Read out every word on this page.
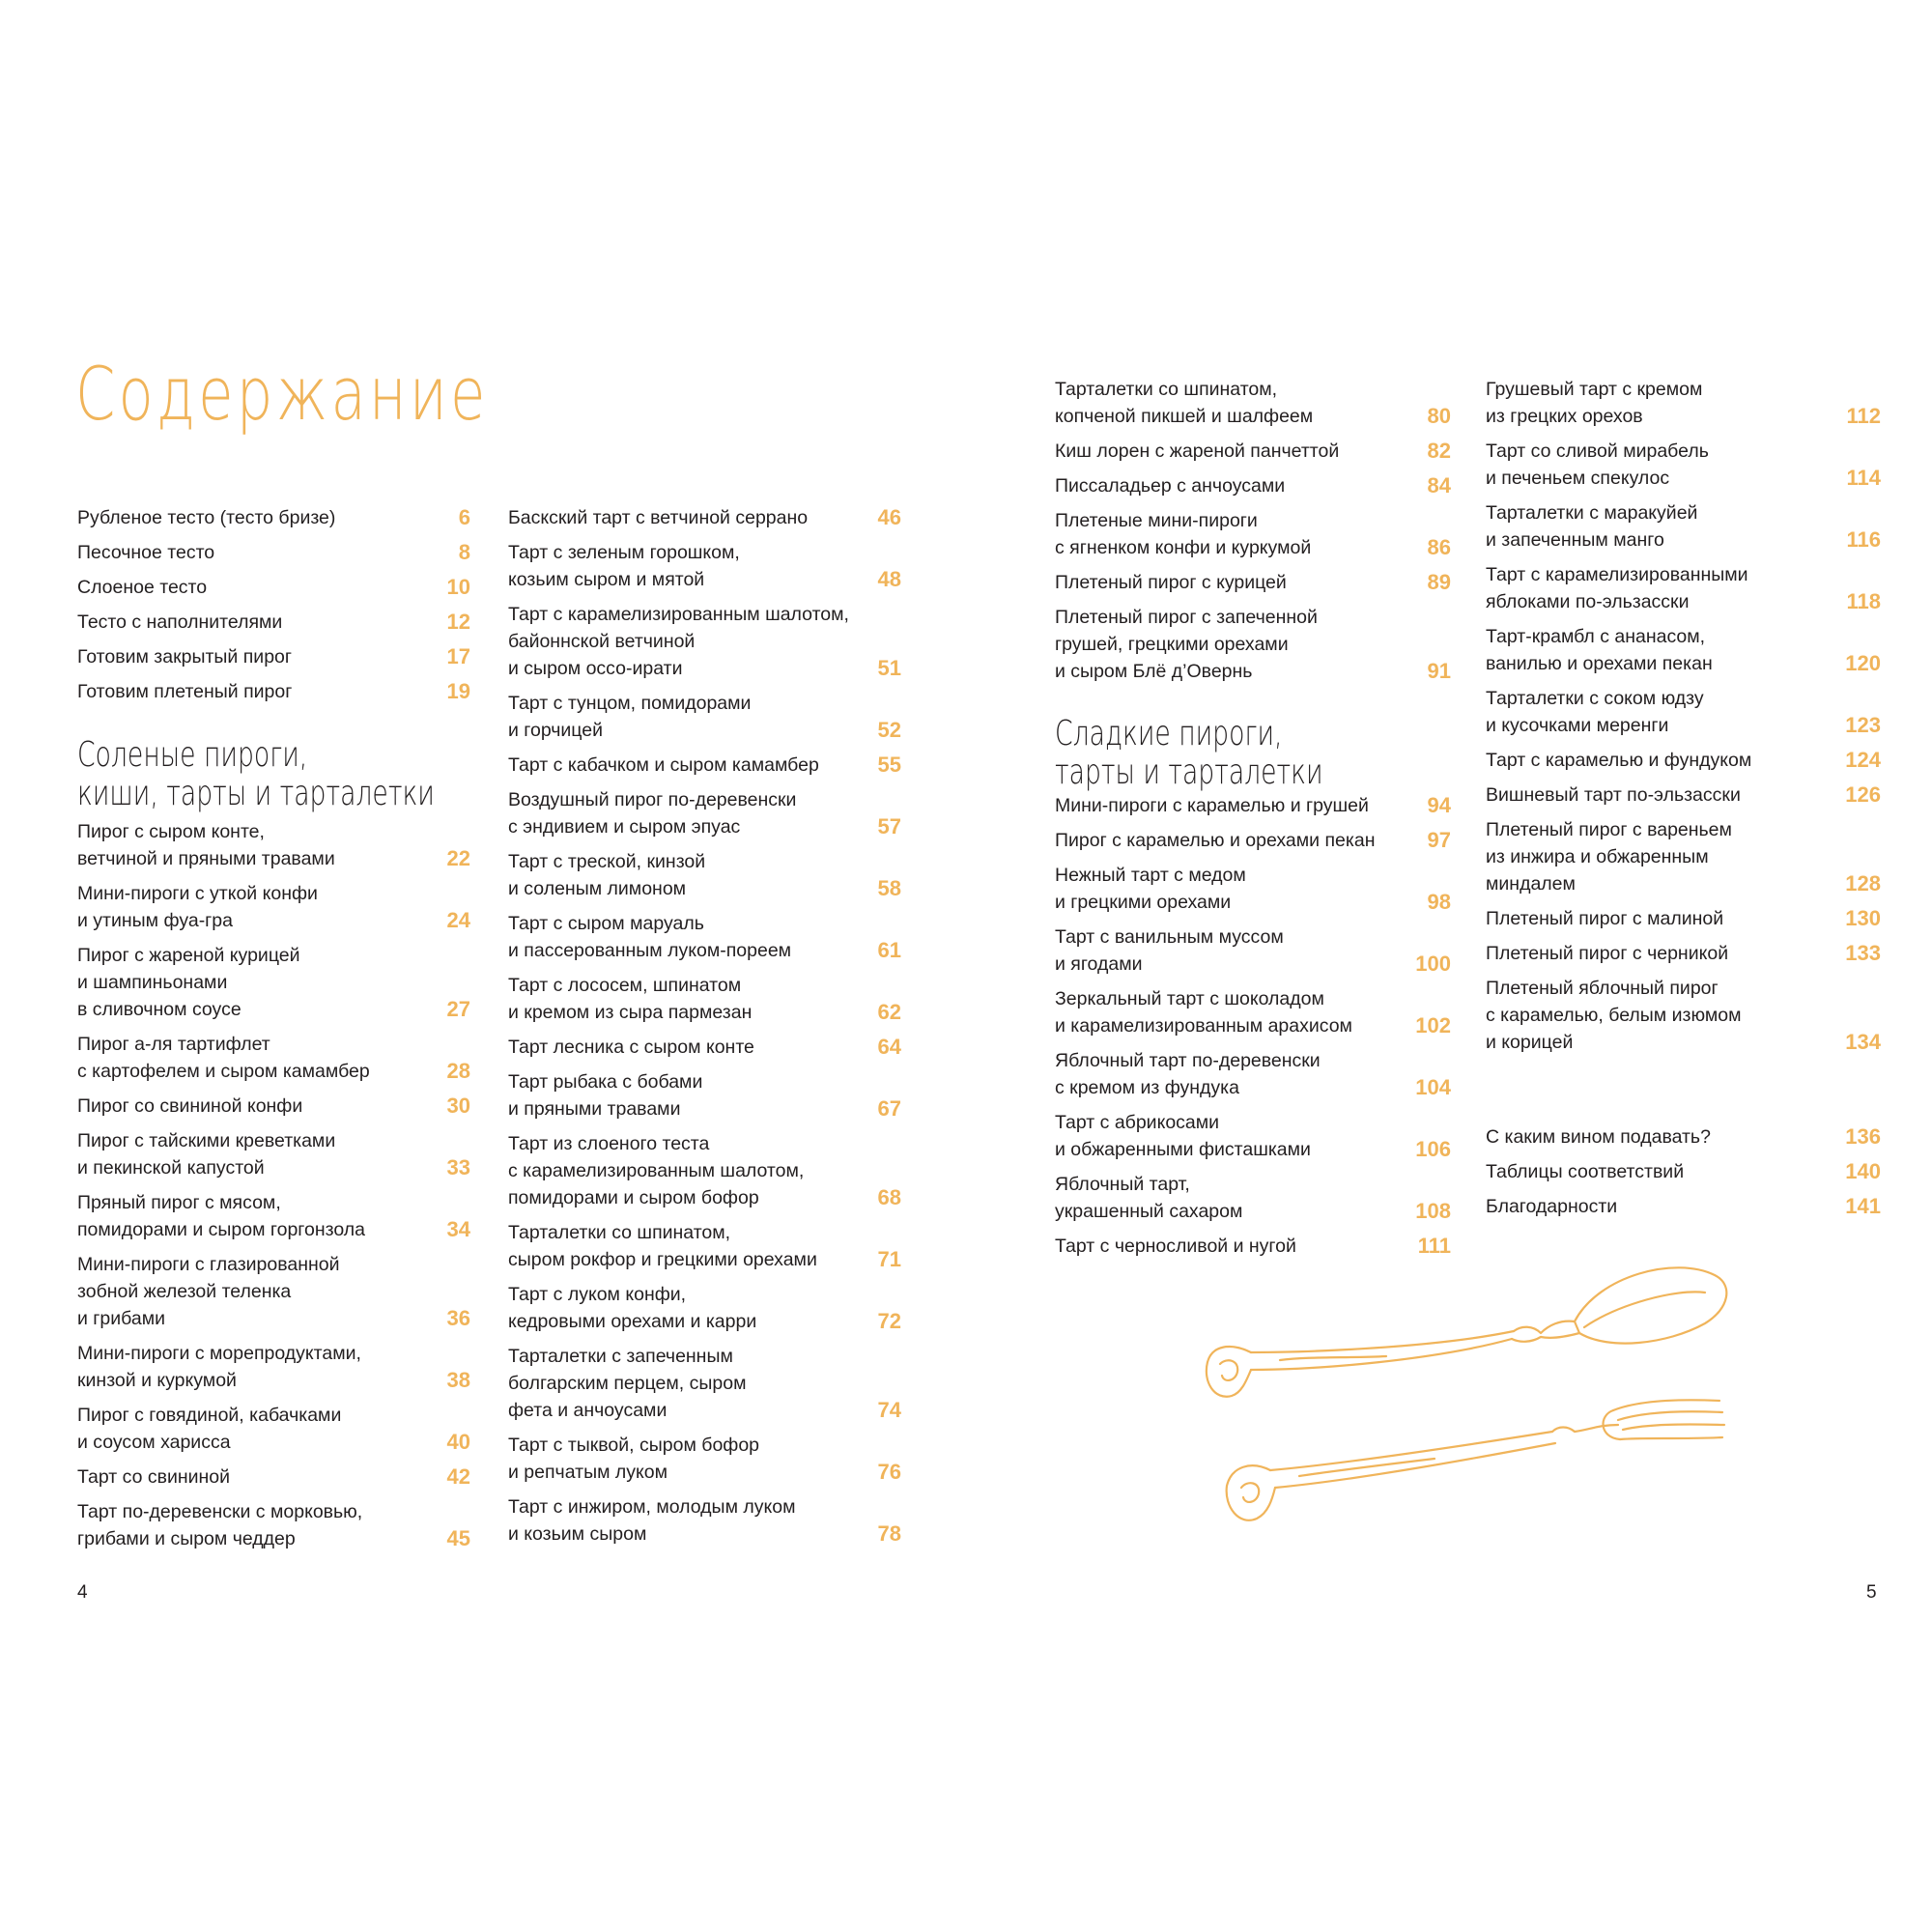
Содержание
Рубленое тесто (тесто бризе)	6
Песочное тесто	8
Слоеное тесто	10
Тесто с наполнителями	12
Готовим закрытый пирог	17
Готовим плетеный пирог	19
Соленые пироги,
киши, тарты и тарталетки
Пирог с сыром конте,
ветчиной и пряными травами	22
Мини-пироги с уткой конфи
и утиным фуа-гра	24
Пирог с жареной курицей
и шампиньонами
в сливочном соусе	27
Пирог а-ля тартифлет
с картофелем и сыром камамбер	28
Пирог со свининой конфи	30
Пирог с тайскими креветками
и пекинской капустой	33
Пряный пирог с мясом,
помидорами и сыром горгонзола	34
Мини-пироги с глазированной
зобной железой теленка
и грибами	36
Мини-пироги с морепродуктами,
кинзой и куркумой	38
Пирог с говядиной, кабачками
и соусом харисса	40
Тарт со свининой	42
Тарт по-деревенски с морковью,
грибами и сыром чеддер	45
Баскский тарт с ветчиной серрано	46
Тарт с зеленым горошком,
козьим сыром и мятой	48
Тарт с карамелизированным шалотом,
байоннской ветчиной
и сыром оссо-ирати	51
Тарт с тунцом, помидорами
и горчицей	52
Тарт с кабачком и сыром камамбер	55
Воздушный пирог по-деревенски
с эндивием и сыром эпуас	57
Тарт с треской, кинзой
и соленым лимоном	58
Тарт с сыром маруаль
и пассерованным луком-пореем	61
Тарт с лососем, шпинатом
и кремом из сыра пармезан	62
Тарт лесника с сыром конте	64
Тарт рыбака с бобами
и пряными травами	67
Тарт из слоеного теста
с карамелизированным шалотом,
помидорами и сыром бофор	68
Тарталетки со шпинатом,
сыром рокфор и грецкими орехами	71
Тарт с луком конфи,
кедровыми орехами и карри	72
Тарталетки с запеченным
болгарским перцем, сыром
фета и анчоусами	74
Тарт с тыквой, сыром бофор
и репчатым луком	76
Тарт с инжиром, молодым луком
и козьим сыром	78
Тарталетки со шпинатом,
копченой пикшей и шалфеем	80
Киш лорен с жареной панчеттой	82
Писсаладьер с анчоусами	84
Плетеные мини-пироги
с ягненком конфи и куркумой	86
Плетеный пирог с курицей	89
Плетеный пирог с запеченной
грушей, грецкими орехами
и сыром Блё д’Овернь	91
Сладкие пироги,
тарты и тарталетки
Мини-пироги с карамелью и грушей	94
Пирог с карамелью и орехами пекан	97
Нежный тарт с медом
и грецкими орехами	98
Тарт с ванильным муссом
и ягодами	100
Зеркальный тарт с шоколадом
и карамелизированным арахисом	102
Яблочный тарт по-деревенски
с кремом из фундука	104
Тарт с абрикосами
и обжаренными фисташками	106
Яблочный тарт,
украшенный сахаром	108
Тарт с черносливой и нугой	111
Грушевый тарт с кремом
из грецких орехов	112
Тарт со сливой мирабель
и печеньем спекулос	114
Тарталетки с маракуйей
и запеченным манго	116
Тарт с карамелизированными
яблоками по-эльзасски	118
Тарт-крамбл с ананасом,
ванилью и орехами пекан	120
Тарталетки с соком юдзу
и кусочками меренги	123
Тарт с карамелью и фундуком	124
Вишневый тарт по-эльзасски	126
Плетеный пирог с вареньем
из инжира и обжаренным
миндалем	128
Плетеный пирог с малиной	130
Плетеный пирог с черникой	133
Плетеный яблочный пирог
с карамелью, белым изюмом
и корицей	134
С каким вином подавать?	136
Таблицы соответствий	140
Благодарности	141
4	5
